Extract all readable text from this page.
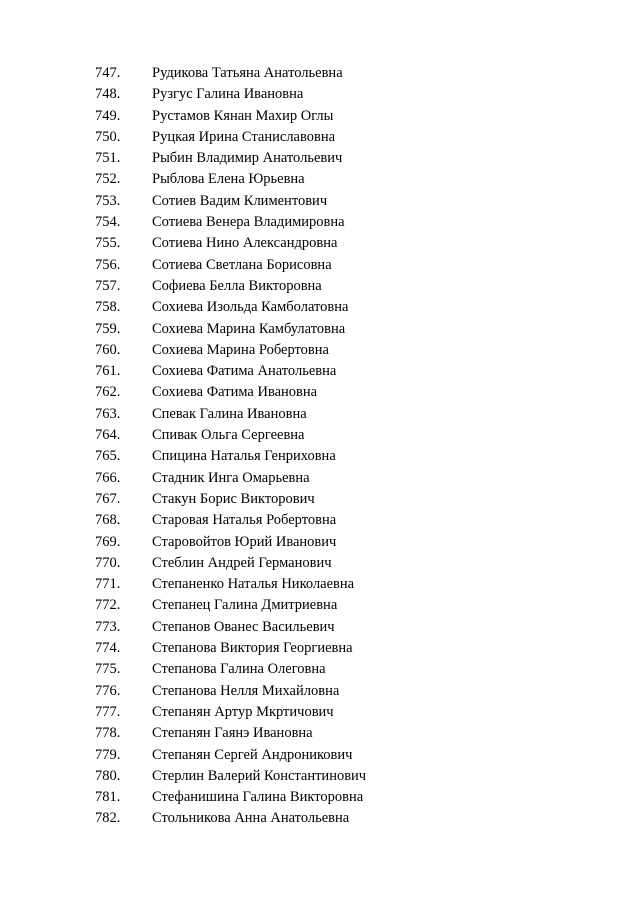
747.	Рудикова Татьяна Анатольевна
748.	Рузгус Галина Ивановна
749.	Рустамов Кянан Махир Оглы
750.	Руцкая Ирина Станиславовна
751.	Рыбин Владимир Анатольевич
752.	Рыблова Елена Юрьевна
753.	Сотиев Вадим Климентович
754.	Сотиева Венера Владимировна
755.	Сотиева Нино Александровна
756.	Сотиева Светлана Борисовна
757.	Софиева Белла Викторовна
758.	Сохиева Изольда Камболатовна
759.	Сохиева Марина Камбулатовна
760.	Сохиева Марина Робертовна
761.	Сохиева Фатима Анатольевна
762.	Сохиева Фатима Ивановна
763.	Спевак Галина Ивановна
764.	Спивак Ольга Сергеевна
765.	Спицина Наталья Генриховна
766.	Стадник Инга Омарьевна
767.	Стакун Борис Викторович
768.	Старовая Наталья Робертовна
769.	Старовойтов Юрий Иванович
770.	Стеблин Андрей Германович
771.	Степаненко Наталья Николаевна
772.	Степанец Галина Дмитриевна
773.	Степанов Ованес Васильевич
774.	Степанова Виктория Георгиевна
775.	Степанова Галина Олеговна
776.	Степанова Нелля Михайловна
777.	Степанян Артур Мкртичович
778.	Степанян Гаянэ Ивановна
779.	Степанян Сергей Андроникович
780.	Стерлин Валерий Константинович
781.	Стефанишина Галина Викторовна
782.	Стольникова Анна Анатольевна
